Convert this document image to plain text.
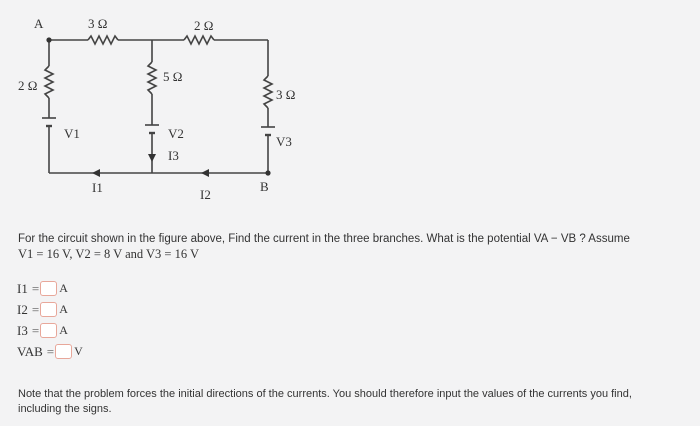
A
B
3 Ω	2 Ω
2 Ω
5 Ω
3 Ω
V1	V2
V3
I1
I3
I2
For the circuit shown in the figure above, Find the current in the three branches. What is the potential VA − VB ? Assume
V1 = 16 V, V2 = 8 V and V3 = 16 V
I1 = A
I2 = A
I3 = A
VAB = V
Note that the problem forces the initial directions of the currents. You should therefore input the values of the currents you find, including the signs.
